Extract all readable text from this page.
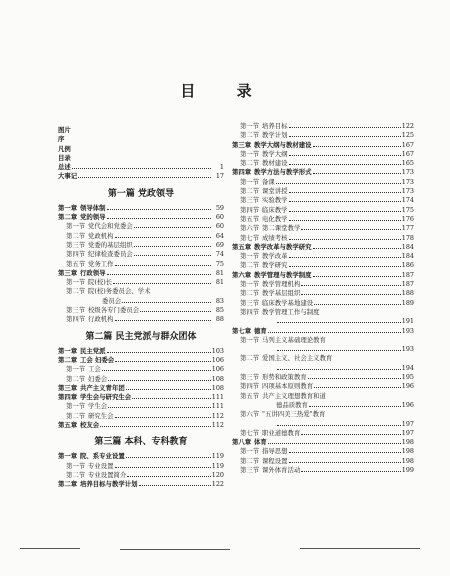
目 录
图片
序
凡例
目录
总述	1
大事记	17
第一篇 党政领导
第一章 领导体制	59
第二章 党的领导	60
第一节 党代会和党委会	60
第二节 党政机构	64
第三节 党委的基层组织	69
第四节 纪律检查委员会	74
第五节 党务工作	75
第三章 行政领导	81
第一节 院(校)长	81
第二节 院(校)务委员会、学术
委员会	83
第三节 校级各专门委员会	85
第四节 行政机构	88
第二篇 民主党派与群众团体
第一章 民主党派	103
第二章 工会 妇委会	106
第一节 工会	106
第二节 妇委会	108
第三章 共产主义青年团	108
第四章 学生会与研究生会	111
第一节 学生会	111
第二节 研究生会	112
第五章 校友会	112
第三篇 本科、专科教育
第一章 院、系专业设置	119
第一节 专业设置	119
第二节 专业设置简介	120
第二章 培养目标与教学计划	122
第一节 培养目标	122
第二节 教学计划	125
第三章 教学大纲与教材建设	167
第一节 教学大纲	167
第二节 教材建设	165
第四章 教学方法与教学形式	173
第一节 备课	173
第二节 课堂讲授	173
第三节 实验教学	174
第四节 临床教学	175
第五节 电化教学	176
第六节 第二课堂教学	177
第七节 成绩考核	178
第五章 教学改革与教学研究	184
第一节 教学改革	184
第二节 教学研究	186
第六章 教学管理与教学制度	187
第一节 教学管理机构	187
第二节 教学基层组织	188
第三节 临床教学基地建设	189
第四节 教学管理工作与制度
191
第七章 德育	193
第一节 马列主义基础理论教育
193
第二节 爱国主义、社会主义教育
194
第三节 形势和政策教育	195
第四节 四项基本原则教育	196
第五节 共产主义理想教育和道
德品质教育	196
第六节 "五讲四美三热爱"教育
197
第七节 职业道德教育	197
第八章 体育	198
第一节 指导思想	198
第二节 课程设置	198
第三节 课外体育活动	199
